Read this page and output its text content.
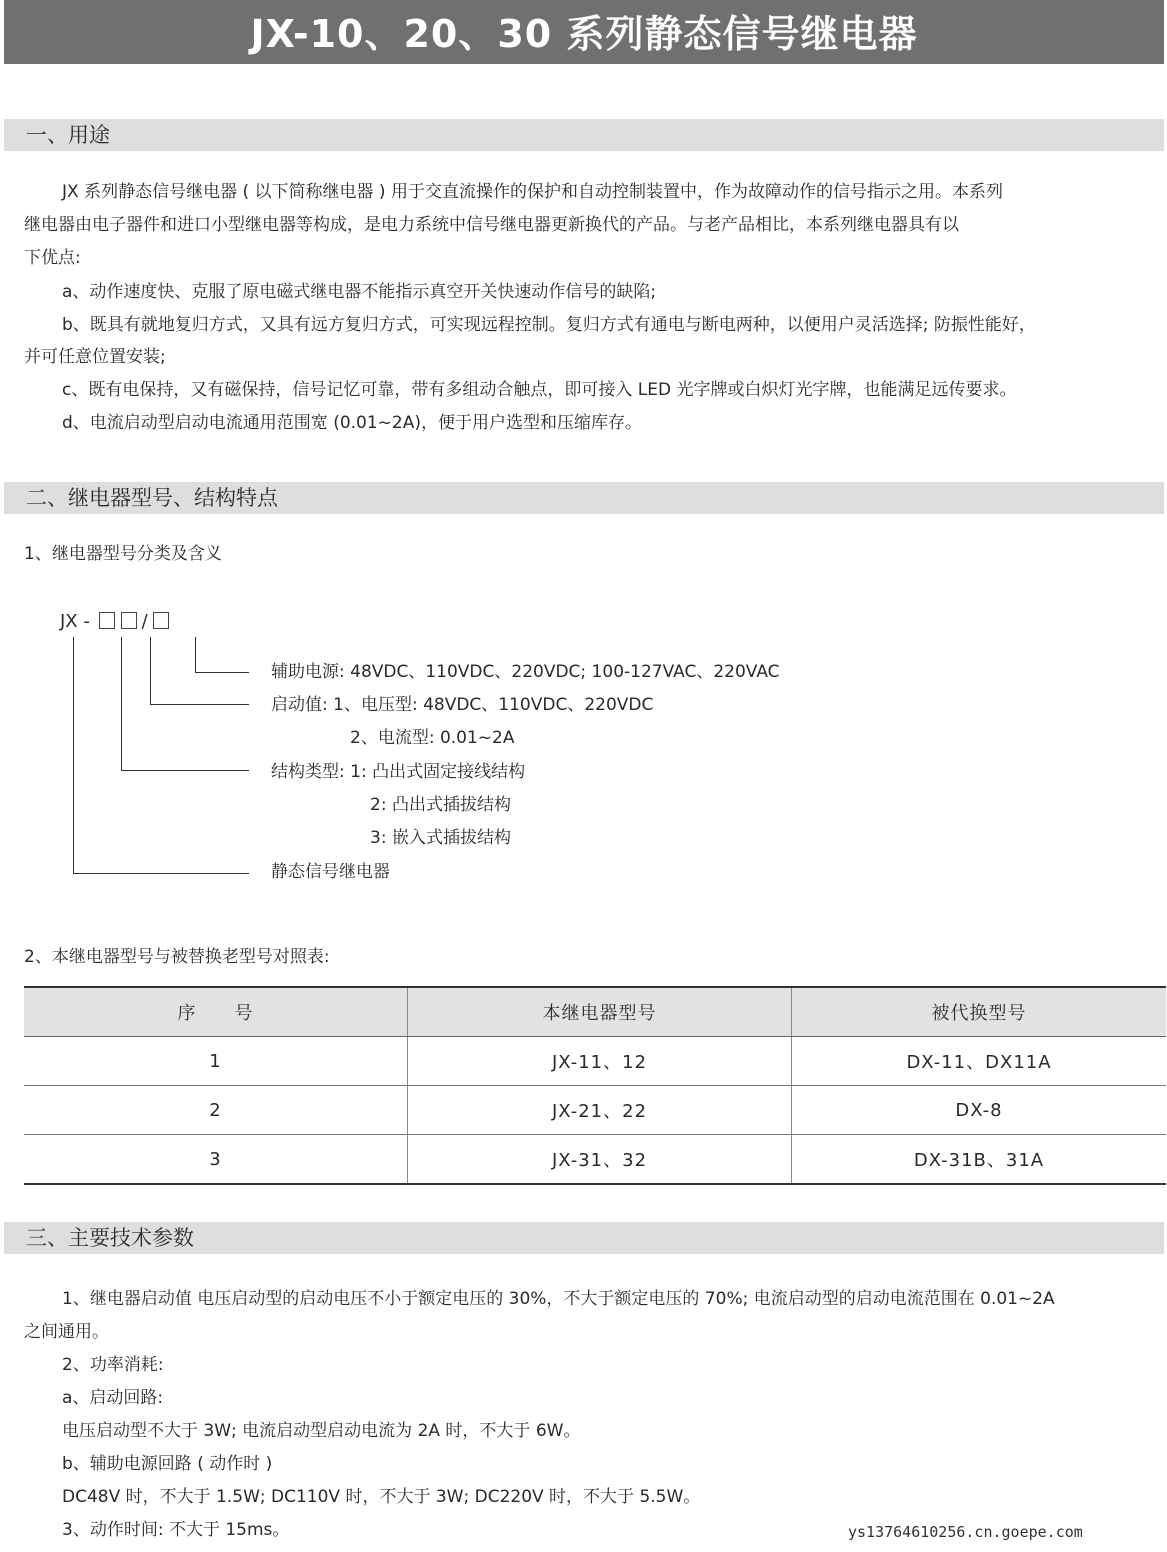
JX-10、20、30 系列静态信号继电器
一、用途
JX 系列静态信号继电器 ( 以下简称继电器 ) 用于交直流操作的保护和自动控制装置中，作为故障动作的信号指示之用。本系列
继电器由电子器件和进口小型继电器等构成，是电力系统中信号继电器更新换代的产品。与老产品相比，本系列继电器具有以
下优点:
a、动作速度快、克服了原电磁式继电器不能指示真空开关快速动作信号的缺陷;
b、既具有就地复归方式，又具有远方复归方式，可实现远程控制。复归方式有通电与断电两种，以便用户灵活选择; 防振性能好，
并可任意位置安装;
c、既有电保持，又有磁保持，信号记忆可靠，带有多组动合触点，即可接入 LED 光字牌或白炽灯光字牌，也能满足远传要求。
d、电流启动型启动电流通用范围宽 (0.01~2A)，便于用户选型和压缩库存。
二、继电器型号、结构特点
1、继电器型号分类及含义
JX -	/
辅助电源: 48VDC、110VDC、220VDC; 100-127VAC、220VAC
启动值: 1、电压型: 48VDC、110VDC、220VDC
2、电流型: 0.01~2A
结构类型: 1: 凸出式固定接线结构
2: 凸出式插拔结构
3: 嵌入式插拔结构
静态信号继电器
2、本继电器型号与被替换老型号对照表:
序　　号	本继电器型号	被代换型号
1	JX-11、12	DX-11、DX11A
2	JX-21、22	DX-8
3	JX-31、32	DX-31B、31A
三、主要技术参数
1、继电器启动值 电压启动型的启动电压不小于额定电压的 30%，不大于额定电压的 70%; 电流启动型的启动电流范围在 0.01~2A
之间通用。
2、功率消耗:
a、启动回路:
电压启动型不大于 3W; 电流启动型启动电流为 2A 时，不大于 6W。
b、辅助电源回路 ( 动作时 )
DC48V 时，不大于 1.5W; DC110V 时，不大于 3W; DC220V 时，不大于 5.5W。
3、动作时间: 不大于 15ms。	ys13764610256.cn.goepe.com
